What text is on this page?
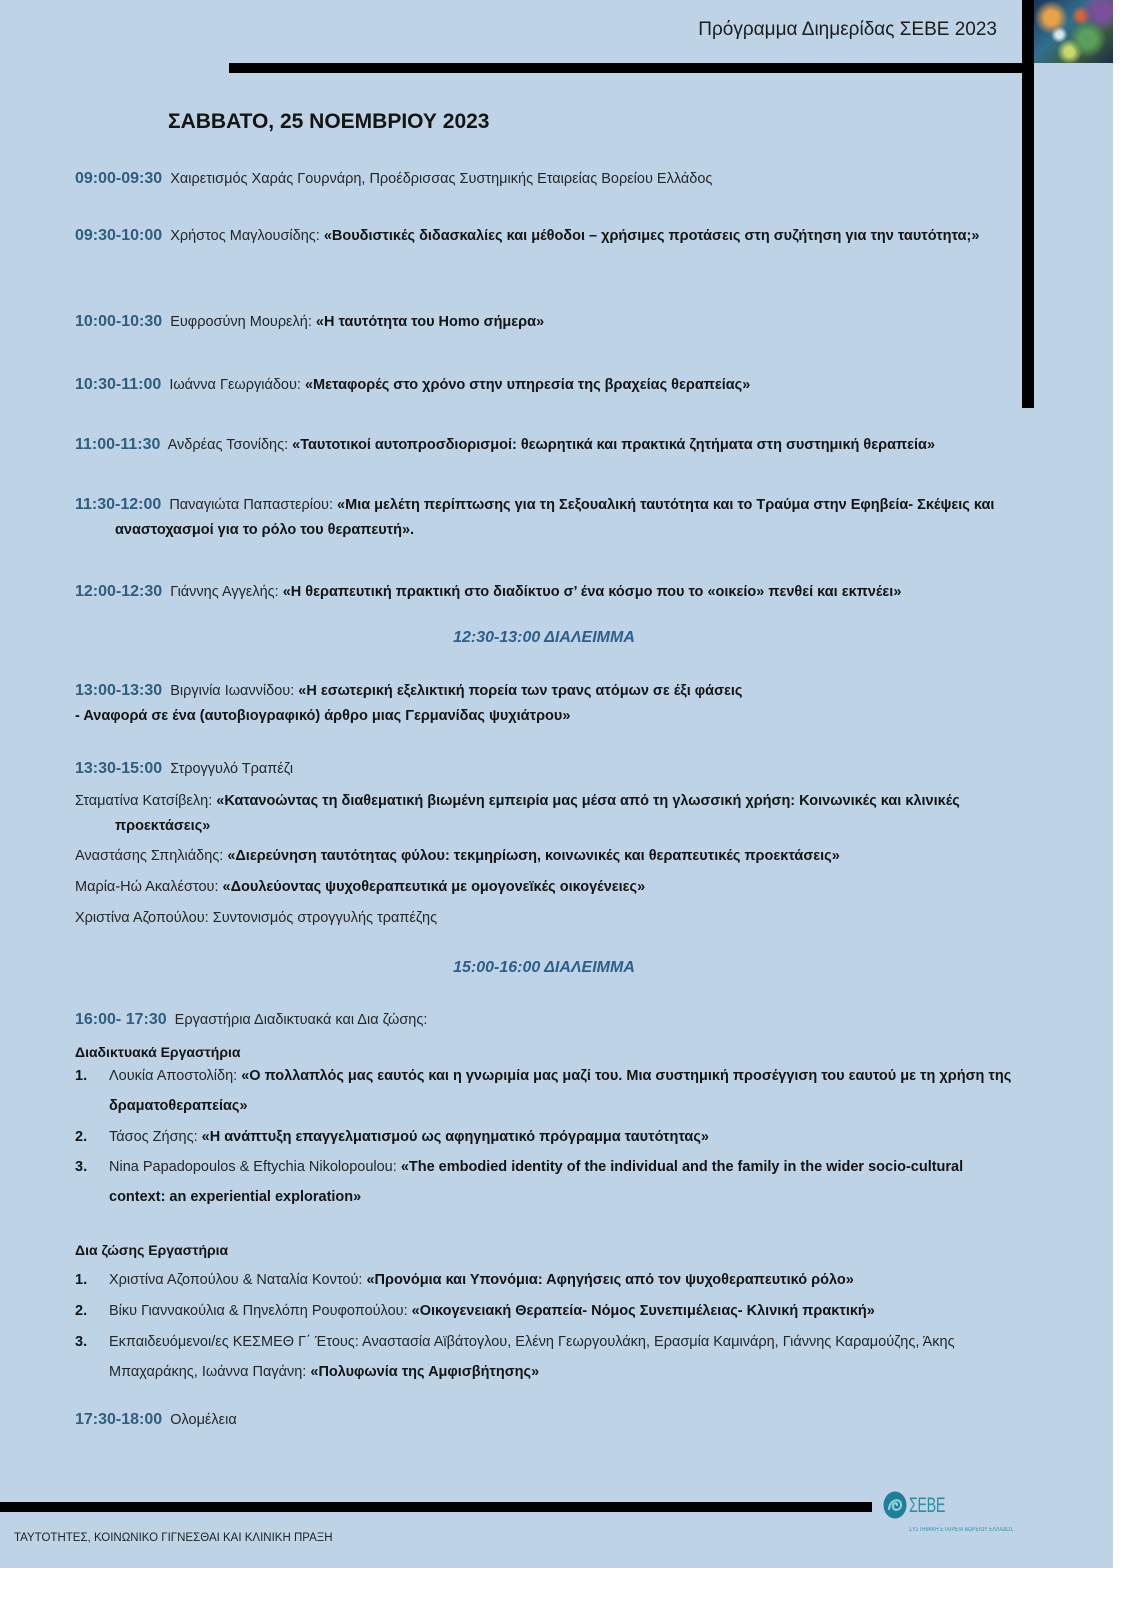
Πρόγραμμα Διημερίδας ΣΕΒΕ 2023
ΣΑΒΒΑΤΟ, 25 ΝΟΕΜΒΡΙΟΥ 2023
09:00-09:30 Χαιρετισμός Χαράς Γουρνάρη, Προέδρισσας Συστημικής Εταιρείας Βορείου Ελλάδος
09:30-10:00 Χρήστος Μαγλουσίδης: «Βουδιστικές διδασκαλίες και μέθοδοι – χρήσιμες προτάσεις στη συζήτηση για την ταυτότητα;»
10:00-10:30 Ευφροσύνη Μουρελή: «Η ταυτότητα του Homo σήμερα»
10:30-11:00 Ιωάννα Γεωργιάδου: «Μεταφορές στο χρόνο στην υπηρεσία της βραχείας θεραπείας»
11:00-11:30 Ανδρέας Τσονίδης: «Ταυτοτικοί αυτοπροσδιορισμοί: θεωρητικά και πρακτικά ζητήματα στη συστημική θεραπεία»
11:30-12:00 Παναγιώτα Παπαστερίου: «Μια μελέτη περίπτωσης για τη Σεξουαλική ταυτότητα και το Τραύμα στην Εφηβεία- Σκέψεις και αναστοχασμοί για το ρόλο του θεραπευτή».
12:00-12:30 Γιάννης Αγγελής: «Η θεραπευτική πρακτική στο διαδίκτυο σ’ ένα κόσμο που το «οικείο» πενθεί και εκπνέει»
12:30-13:00 ΔΙΑΛΕΙΜΜΑ
13:00-13:30 Βιργινία Ιωαννίδου: «Η εσωτερική εξελικτική πορεία των τρανς ατόμων σε έξι φάσεις
- Αναφορά σε ένα (αυτοβιογραφικό) άρθρο μιας Γερμανίδας ψυχιάτρου»
13:30-15:00 Στρογγυλό Τραπέζι
Σταματίνα Κατσίβελη: «Κατανοώντας τη διαθεματική βιωμένη εμπειρία μας μέσα από τη γλωσσική χρήση: Κοινωνικές και κλινικές προεκτάσεις»
Αναστάσης Σπηλιάδης: «Διερεύνηση ταυτότητας φύλου: τεκμηρίωση, κοινωνικές και θεραπευτικές προεκτάσεις»
Μαρία-Ηώ Ακαλέστου: «Δουλεύοντας ψυχοθεραπευτικά με ομογονεϊκές οικογένειες»
Χριστίνα Αζοπούλου: Συντονισμός στρογγυλής τραπέζης
15:00-16:00 ΔΙΑΛΕΙΜΜΑ
16:00- 17:30 Εργαστήρια Διαδικτυακά και Δια ζώσης:
Διαδικτυακά Εργαστήρια
1. Λουκία Αποστολίδη: «Ο πολλαπλός μας εαυτός και η γνωριμία μας μαζί του. Μια συστημική προσέγγιση του εαυτού με τη χρήση της δραματοθεραπείας»
2. Τάσος Ζήσης: «Η ανάπτυξη επαγγελματισμού ως αφηγηματικό πρόγραμμα ταυτότητας»
3. Nina Papadopoulos & Eftychia Nikolopoulou: «The embodied identity of the individual and the family in the wider socio-cultural context: an experiential exploration»
Δια ζώσης Εργαστήρια
1. Χριστίνα Αζοπούλου & Ναταλία Κοντού: «Προνόμια και Υπονόμια: Αφηγήσεις από τον ψυχοθεραπευτικό ρόλο»
2. Βίκυ Γιαννακούλια & Πηνελόπη Ρουφοπούλου: «Οικογενειακή Θεραπεία- Νόμος Συνεπιμέλειας- Κλινική πρακτική»
3. Εκπαιδευόμενοι/ες ΚΕΣΜΕΘ Γ΄ Έτους: Αναστασία Αϊβάτογλου, Ελένη Γεωργουλάκη, Ερασμία Καμινάρη, Γιάννης Καραμούζης, Άκης Μπαχαράκης, Ιωάννα Παγάνη: «Πολυφωνία της Αμφισβήτησης»
17:30-18:00 Ολομέλεια
ΤΑΥΤΟΤΗΤΕΣ, ΚΟΙΝΩΝΙΚΟ ΓΙΓΝΕΣΘΑΙ ΚΑΙ ΚΛΙΝΙΚΗ ΠΡΑΞΗ
ΣΕΒΕ
ΣΥΣΤΗΜΙΚΗ ΕΤΑΙΡΕΙΑ ΒΟΡΕΙΟΥ ΕΛΛΑΔΟΣ
